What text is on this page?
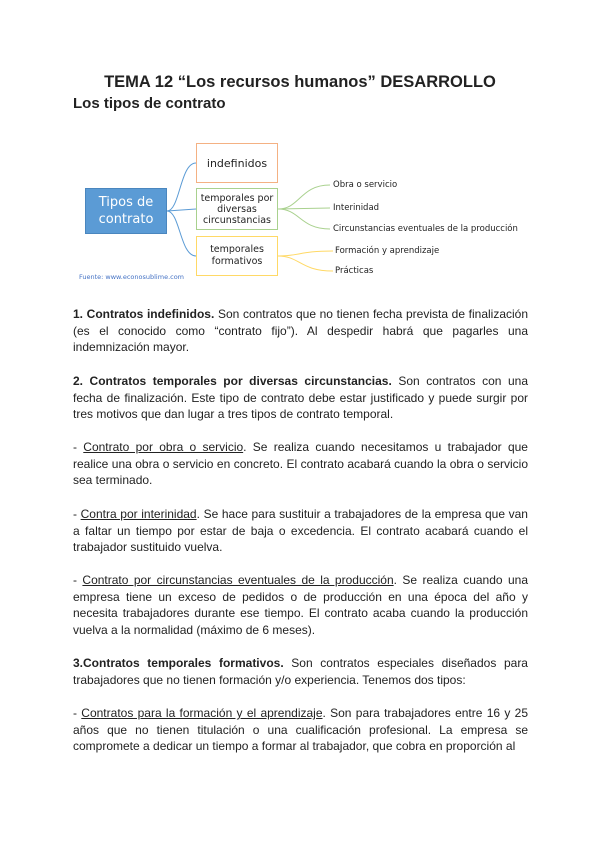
TEMA 12 “Los recursos humanos” DESARROLLO
Los tipos de contrato
Tipos de
contrato
indefinidos
temporales por diversas circunstancias
temporales formativos
Obra o servicio
Interinidad
Circunstancias eventuales de la producción
Formación y aprendizaje
Prácticas
Fuente: www.econosublime.com
1. Contratos indefinidos. Son contratos que no tienen fecha prevista de finalización (es el conocido como “contrato fijo”). Al despedir habrá que pagarles una indemnización mayor.
2. Contratos temporales por diversas circunstancias. Son contratos con una fecha de finalización. Este tipo de contrato debe estar justificado y puede surgir por tres motivos que dan lugar a tres tipos de contrato temporal.
- Contrato por obra o servicio. Se realiza cuando necesitamos u trabajador que realice una obra o servicio en concreto. El contrato acabará cuando la obra o servicio sea terminado.
- Contra por interinidad. Se hace para sustituir a trabajadores de la empresa que van a faltar un tiempo por estar de baja o excedencia. El contrato acabará cuando el trabajador sustituido vuelva.
- Contrato por circunstancias eventuales de la producción. Se realiza cuando una empresa tiene un exceso de pedidos o de producción en una época del año y necesita trabajadores durante ese tiempo. El contrato acaba cuando la producción vuelva a la normalidad (máximo de 6 meses).
3.Contratos temporales formativos. Son contratos especiales diseñados para trabajadores que no tienen formación y/o experiencia. Tenemos dos tipos:
- Contratos para la formación y el aprendizaje. Son para trabajadores entre 16 y 25 años que no tienen titulación o una cualificación profesional. La empresa se compromete a dedicar un tiempo a formar al trabajador, que cobra en proporción al
